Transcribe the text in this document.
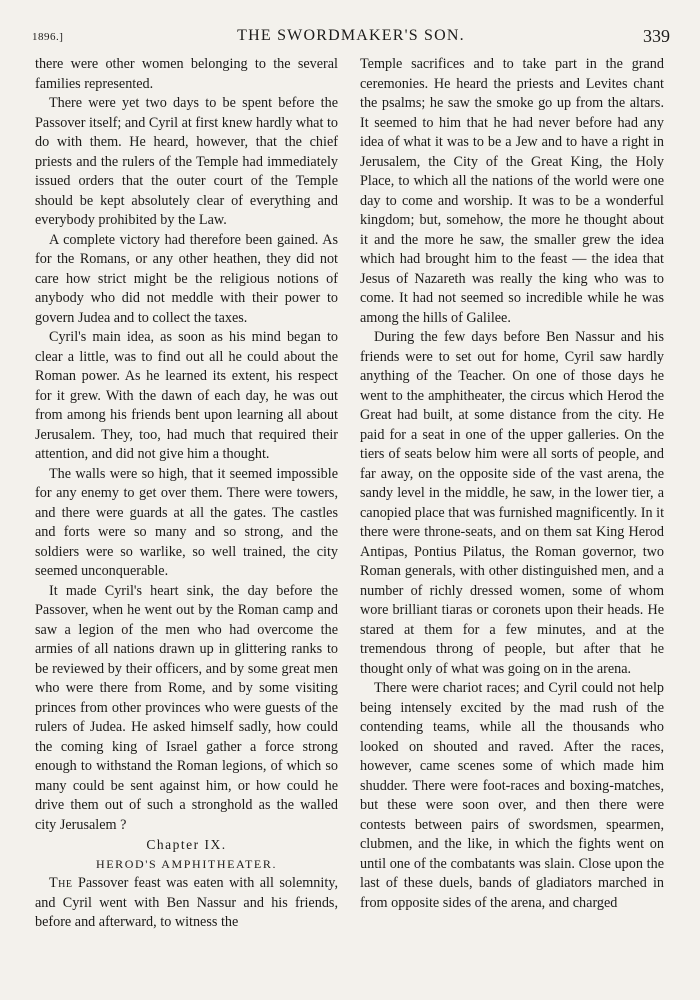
1896.]	THE SWORDMAKER'S SON.	339

there were other women belonging to the several families represented.

There were yet two days to be spent before the Passover itself; and Cyril at first knew hardly what to do with them. He heard, however, that the chief priests and the rulers of the Temple had immediately issued orders that the outer court of the Temple should be kept absolutely clear of everything and everybody prohibited by the Law.

A complete victory had therefore been gained. As for the Romans, or any other heathen, they did not care how strict might be the religious notions of anybody who did not meddle with their power to govern Judea and to collect the taxes.

Cyril's main idea, as soon as his mind began to clear a little, was to find out all he could about the Roman power. As he learned its extent, his respect for it grew. With the dawn of each day, he was out from among his friends bent upon learning all about Jerusalem. They, too, had much that required their attention, and did not give him a thought.

The walls were so high, that it seemed impossible for any enemy to get over them. There were towers, and there were guards at all the gates. The castles and forts were so many and so strong, and the soldiers were so warlike, so well trained, the city seemed unconquerable.

It made Cyril's heart sink, the day before the Passover, when he went out by the Roman camp and saw a legion of the men who had overcome the armies of all nations drawn up in glittering ranks to be reviewed by their officers, and by some great men who were there from Rome, and by some visiting princes from other provinces who were guests of the rulers of Judea. He asked himself sadly, how could the coming king of Israel gather a force strong enough to withstand the Roman legions, of which so many could be sent against him, or how could he drive them out of such a stronghold as the walled city Jerusalem ?

Chapter IX.

HEROD'S AMPHITHEATER.

The Passover feast was eaten with all solemnity, and Cyril went with Ben Nassur and his friends, before and afterward, to witness the

Temple sacrifices and to take part in the grand ceremonies. He heard the priests and Levites chant the psalms; he saw the smoke go up from the altars. It seemed to him that he had never before had any idea of what it was to be a Jew and to have a right in Jerusalem, the City of the Great King, the Holy Place, to which all the nations of the world were one day to come and worship. It was to be a wonderful kingdom; but, somehow, the more he thought about it and the more he saw, the smaller grew the idea which had brought him to the feast — the idea that Jesus of Nazareth was really the king who was to come. It had not seemed so incredible while he was among the hills of Galilee.

During the few days before Ben Nassur and his friends were to set out for home, Cyril saw hardly anything of the Teacher. On one of those days he went to the amphitheater, the circus which Herod the Great had built, at some distance from the city. He paid for a seat in one of the upper galleries. On the tiers of seats below him were all sorts of people, and far away, on the opposite side of the vast arena, the sandy level in the middle, he saw, in the lower tier, a canopied place that was furnished magnificently. In it there were throne-seats, and on them sat King Herod Antipas, Pontius Pilatus, the Roman governor, two Roman generals, with other distinguished men, and a number of richly dressed women, some of whom wore brilliant tiaras or coronets upon their heads. He stared at them for a few minutes, and at the tremendous throng of people, but after that he thought only of what was going on in the arena.

There were chariot races; and Cyril could not help being intensely excited by the mad rush of the contending teams, while all the thousands who looked on shouted and raved. After the races, however, came scenes some of which made him shudder. There were foot-races and boxing-matches, but these were soon over, and then there were contests between pairs of swordsmen, spearmen, clubmen, and the like, in which the fights went on until one of the combatants was slain. Close upon the last of these duels, bands of gladiators marched in from opposite sides of the arena, and charged
